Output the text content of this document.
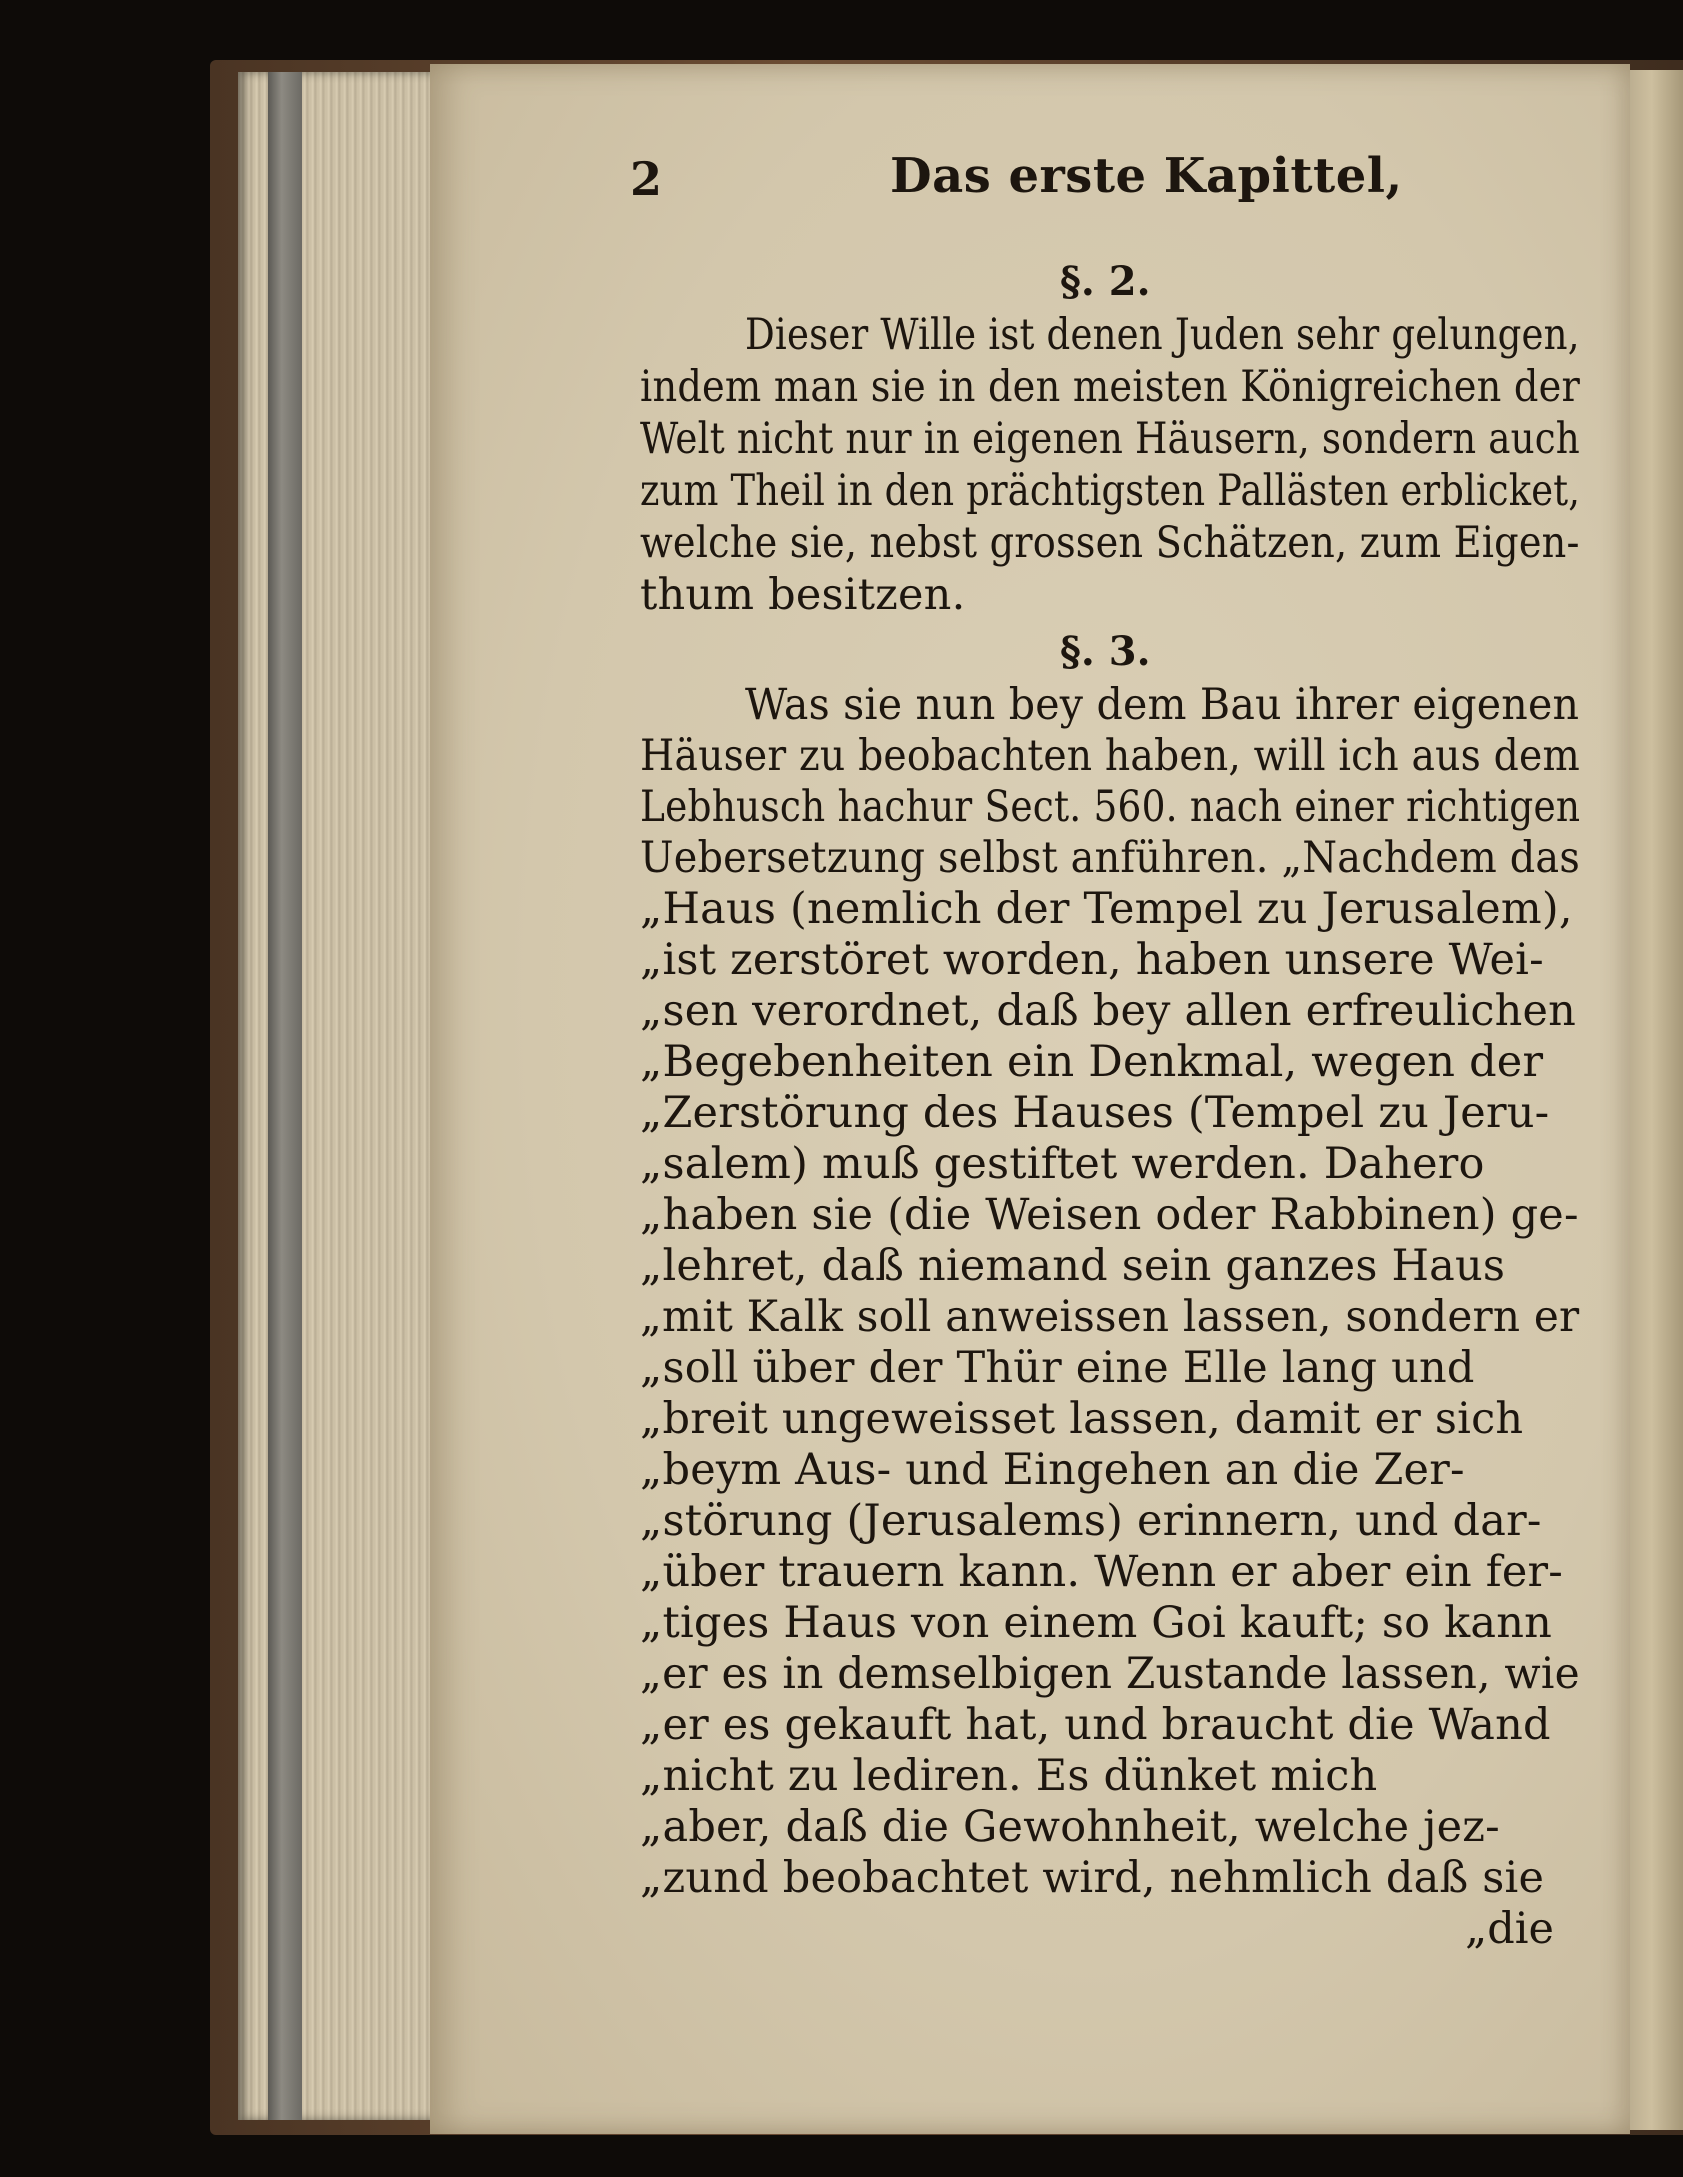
2	Das erste Kapittel,
§. 2.
Dieser Wille ist denen Juden sehr gelungen,
indem man sie in den meisten Königreichen der
Welt nicht nur in eigenen Häusern, sondern auch
zum Theil in den prächtigsten Pallästen erblicket,
welche sie, nebst grossen Schätzen, zum Eigen-
thum besitzen.
§. 3.
Was sie nun bey dem Bau ihrer eigenen
Häuser zu beobachten haben, will ich aus dem
Lebhusch hachur Sect. 560. nach einer richtigen
Uebersetzung selbst anführen. „Nachdem das
„Haus (nemlich der Tempel zu Jerusalem),
„ist zerstöret worden, haben unsere Wei-
„sen verordnet, daß bey allen erfreulichen
„Begebenheiten ein Denkmal, wegen der
„Zerstörung des Hauses (Tempel zu Jeru-
„salem) muß gestiftet werden. Dahero
„haben sie (die Weisen oder Rabbinen) ge-
„lehret, daß niemand sein ganzes Haus
„mit Kalk soll anweissen lassen, sondern er
„soll über der Thür eine Elle lang und
„breit ungeweisset lassen, damit er sich
„beym Aus- und Eingehen an die Zer-
„störung (Jerusalems) erinnern, und dar-
„über trauern kann. Wenn er aber ein fer-
„tiges Haus von einem Goi kauft; so kann
„er es in demselbigen Zustande lassen, wie
„er es gekauft hat, und braucht die Wand
„nicht zu lediren. Es dünket mich
„aber, daß die Gewohnheit, welche jez-
„zund beobachtet wird, nehmlich daß sie
„die
